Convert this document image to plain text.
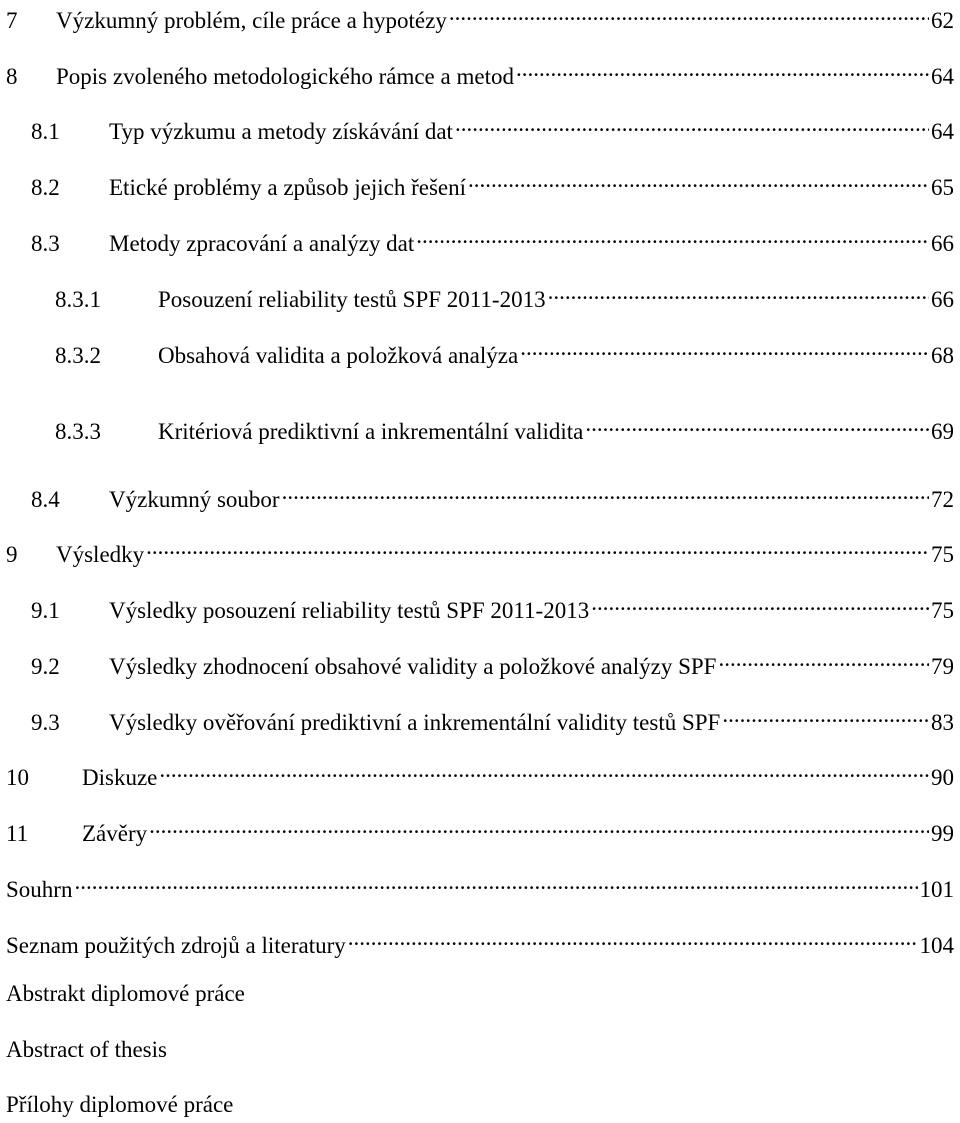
7	Výzkumný problém, cíle práce a hypotézy .....	62
8	Popis zvoleného metodologického rámce a metod .....	64
8.1	Typ výzkumu a metody získávání dat .....	64
8.2	Etické problémy a způsob jejich řešení .....	65
8.3	Metody zpracování a analýzy dat .....	66
8.3.1	Posouzení reliability testů SPF 2011-2013 .....	66
8.3.2	Obsahová validita a položková analýza .....	68
8.3.3	Kritériová prediktivní a inkrementální validita .....	69
8.4	Výzkumný soubor .....	72
9	Výsledky .....	75
9.1	Výsledky posouzení reliability testů SPF 2011-2013 .....	75
9.2	Výsledky zhodnocení obsahové validity a položkové analýzy SPF .....	79
9.3	Výsledky ověřování prediktivní a inkrementální validity testů SPF .....	83
10	Diskuze .....	90
11	Závěry .....	99
Souhrn .....	101
Seznam použitých zdrojů a literatury .....	104
Abstrakt diplomové práce
Abstract of thesis
Přílohy diplomové práce
